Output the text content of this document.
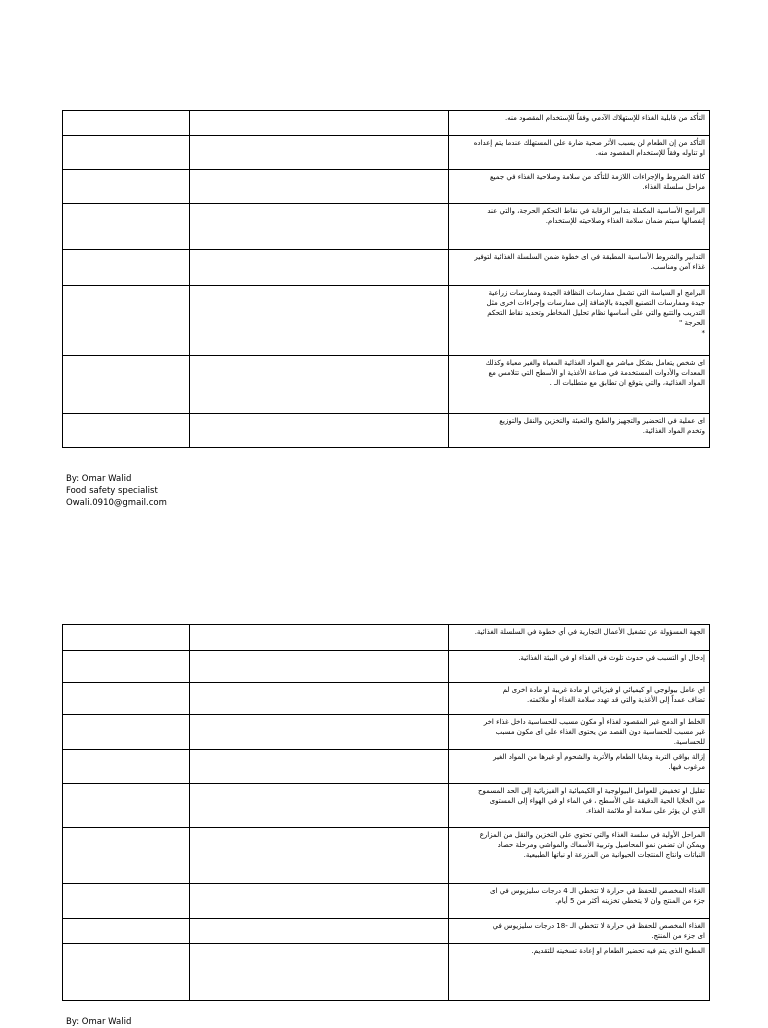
		التأكد من قابلية الغذاء للإستهلاك الآدمي وفقاً للإستخدام المقصود منه.

		التأكد من إن الطعام لن يسبب الأثر صحية ضارة على المستهلك عندما يتم إعداده
او تناوله وفقاً للإستخدام المقصود منه.

		كافة الشروط والإجراءات اللازمة للتأكد من سلامة وصلاحية الغذاء في جميع
مراحل سلسلة الغذاء.

		البرامج الأساسية المكملة بتدابير الرقابة في نقاط التحكم الحرجة، والتي عند
إنفصالها سيتم ضمان سلامة الغذاء وصلاحيته للإستخدام.

		التدابير والشروط الأساسية المطبقة في اى خطوة ضمن السلسلة الغذائية لتوفير
غذاء آمن ومناسب.

		البرامج او السياسة التي تشمل ممارسات النظافة الجيدة وممارسات زراعية
جيدة وممارسات التصنيع الجيدة بالإضافة إلى ممارسات وإجراءات اخرى مثل
التدريب والتتبع والتي على أساسها نظام تحليل المخاطر وتحديد نقاط التحكم
الحرجة "
*

		اى شخص يتعامل بشكل مباشر مع المواد الغذائية المعباة والغير معباة وكذلك
المعدات والأدوات المستخدمة في صناعة الأغذية او الأسطح التي تتلامس مع
المواد الغذائية، والتي يتوقع ان تطابق مع متطلبات الـ .

		اى عملية في التحضير والتجهيز والطبخ والتعبئة والتخزين والنقل والتوزيع
وتخدم المواد الغذائية.
By: Omar Walid
Food safety specialist
Owali.0910@gmail.com

		الجهة المسؤولة عن تشغيل الأعمال التجارية في أي خطوة في السلسلة الغذائية.

		إدخال او التسبب في حدوث تلوث في الغذاء او في البيئة الغذائية.

		اي عامل بيولوجي او كيميائي او فيزيائي او مادة غريبة او مادة اخرى لم
تضاف عمداً إلى الأغذية والتي قد تهدد سلامة الغذاء أو ملائمته.

		الخلط او الدمج غير المقصود لغذاء أو مكون مسبب للحساسية داخل غذاء اخر
غير مسبب للحساسية دون القصد من يحتوى الغذاء على اى مكون مسبب
للحساسية.

		إزالة بواقي التربة وبقايا الطعام والأتربة والشحوم أو غيرها من المواد الغير
مرغوب فيها.

		تقليل او تخفيض للعوامل البيولوجية او الكيميائية او الفيزيائية إلى الحد المسموح
من الخلايا الحية الدقيقة على الأسطح ، في الماء او في الهواء إلى المستوى
الذي لن يؤثر على سلامة أو ملائمة الغذاء.

		المراحل الأولية في سلسة الغذاء والتي تحتوي علي التخزين والنقل من المزارع
ويمكن ان تضمن نمو المحاصيل وتربية الأسماك والمواشي ومرحلة حصاد
النباتات وانتاج المنتجات الحيوانية من المزرعة او نباتها الطبيعية.

		الغذاء المخصص للحفظ في حرارة لا تتخطي الـ 4 درجات سليزيوس في اى
جزء من المنتج وان لا يتخطي تخزينه أكثر من 5 أيام.

		الغذاء المخصص للحفظ في حرارة لا تتخطي الـ -18 درجات سليزيوس في
اى جزء من المنتج.

		المطبخ الذي يتم فيه تحضير الطعام او إعادة تسخينه للتقديم.
By: Omar Walid
